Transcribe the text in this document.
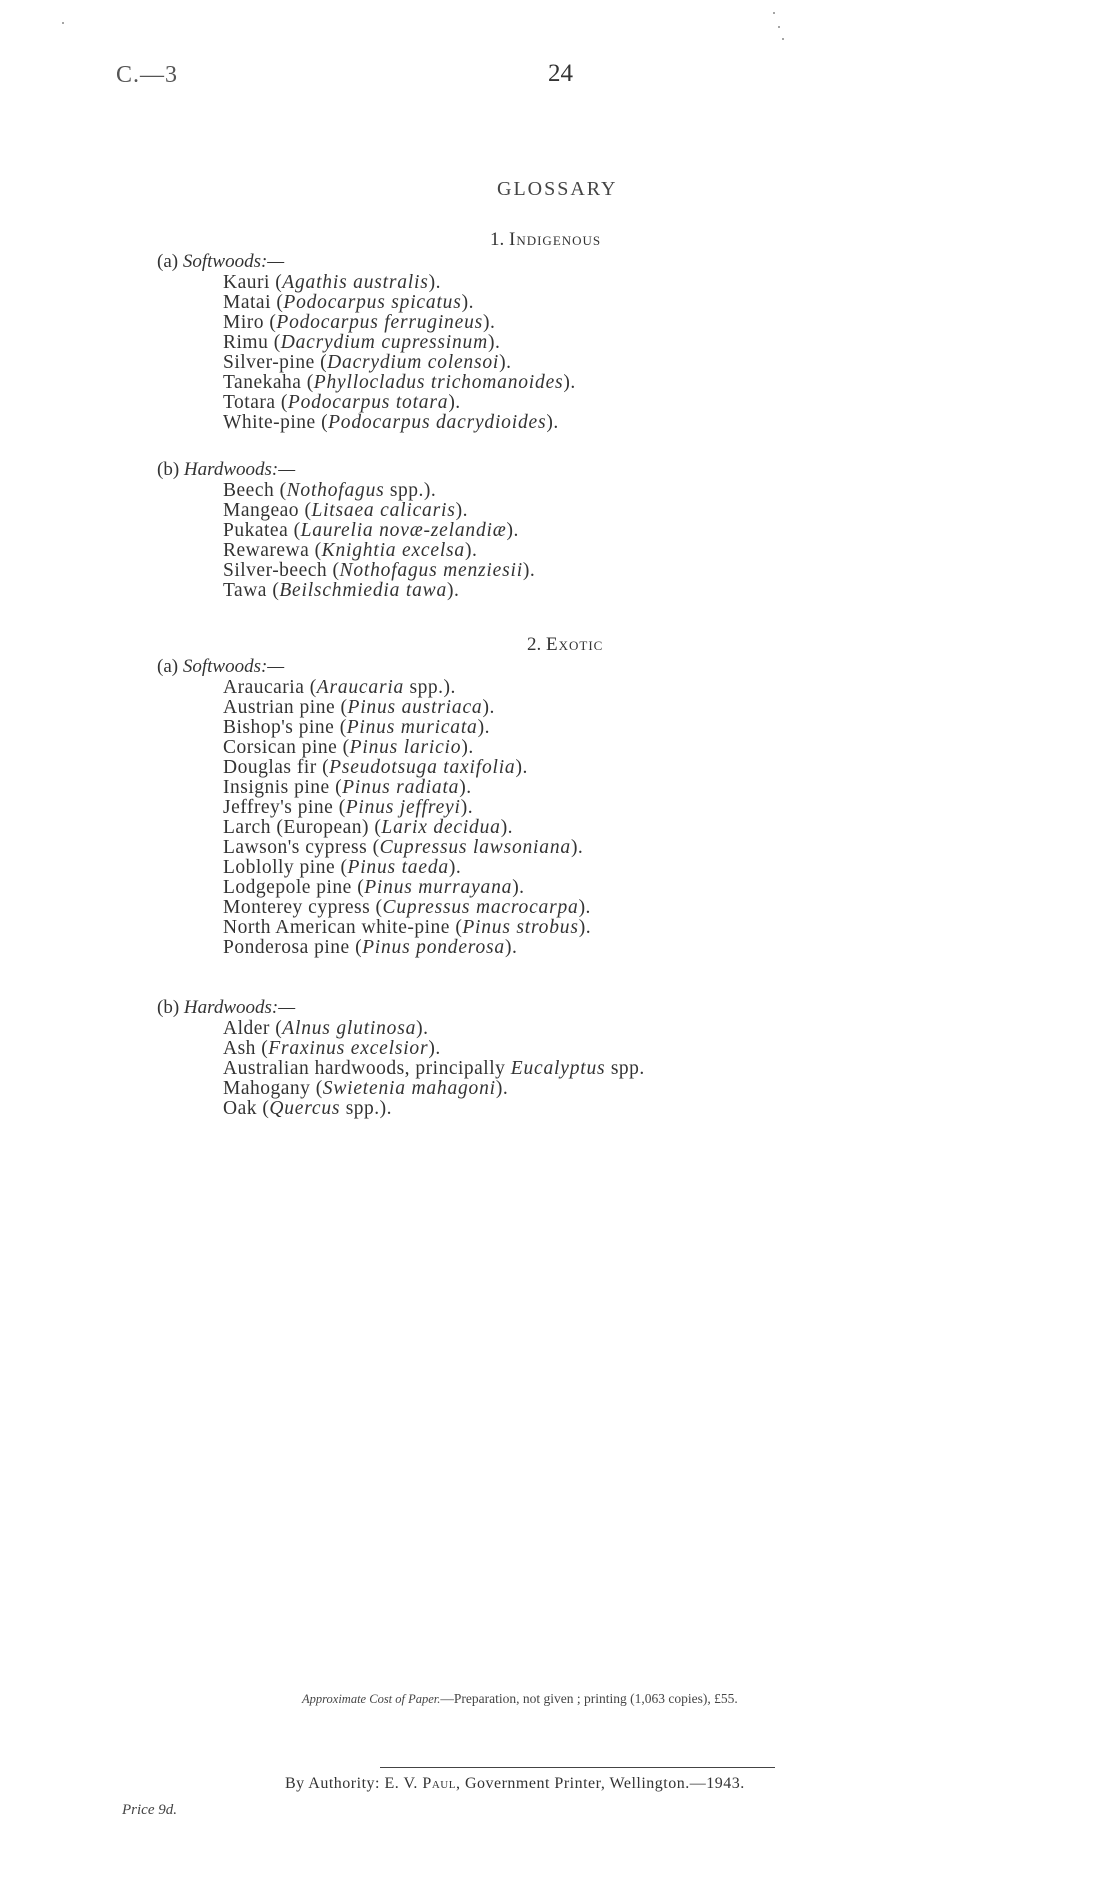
C.—3	24
GLOSSARY
1. Indigenous
(a) Softwoods:—
Kauri (Agathis australis).
Matai (Podocarpus spicatus).
Miro (Podocarpus ferrugineus).
Rimu (Dacrydium cupressinum).
Silver-pine (Dacrydium colensoi).
Tanekaha (Phyllocladus trichomanoides).
Totara (Podocarpus totara).
White-pine (Podocarpus dacrydioides).
(b) Hardwoods:—
Beech (Nothofagus spp.).
Mangeao (Litsaea calicaris).
Pukatea (Laurelia novæ-zelandiæ).
Rewarewa (Knightia excelsa).
Silver-beech (Nothofagus menziesii).
Tawa (Beilschmiedia tawa).
2. Exotic
(a) Softwoods:—
Araucaria (Araucaria spp.).
Austrian pine (Pinus austriaca).
Bishop's pine (Pinus muricata).
Corsican pine (Pinus laricio).
Douglas fir (Pseudotsuga taxifolia).
Insignis pine (Pinus radiata).
Jeffrey's pine (Pinus jeffreyi).
Larch (European) (Larix decidua).
Lawson's cypress (Cupressus lawsoniana).
Loblolly pine (Pinus taeda).
Lodgepole pine (Pinus murrayana).
Monterey cypress (Cupressus macrocarpa).
North American white-pine (Pinus strobus).
Ponderosa pine (Pinus ponderosa).
(b) Hardwoods:—
Alder (Alnus glutinosa).
Ash (Fraxinus excelsior).
Australian hardwoods, principally Eucalyptus spp.
Mahogany (Swietenia mahagoni).
Oak (Quercus spp.).
Approximate Cost of Paper.—Preparation, not given ; printing (1,063 copies), £55.
By Authority: E. V. Paul, Government Printer, Wellington.—1943.
Price 9d.
